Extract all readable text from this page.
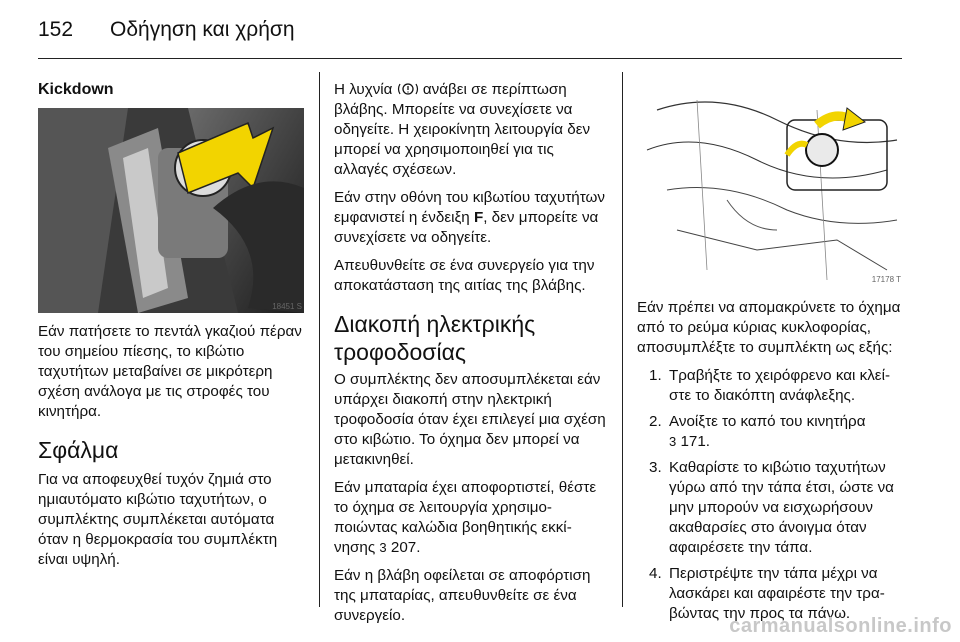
152 Οδήγηση και χρήση
Kickdown
18451 S

Εάν πατήσετε το πεντάλ γκαζιού πέραν του σημείου πίεσης, το κιβώτιο ταχυτήτων μεταβαίνει σε μικρότερη σχέση ανάλογα με τις στροφές του κινητήρα.

Σφάλμα

Για να αποφευχθεί τυχόν ζημιά στο ημιαυτόματο κιβώτιο ταχυτήτων, ο συμπλέκτης συμπλέκεται αυτόματα όταν η θερμοκρασία του συμπλέκτη είναι υψηλή.

Η λυχνία  ανάβει σε περίπτωση βλάβης. Μπορείτε να συνεχίσετε να οδηγείτε. Η χειροκίνητη λειτουργία δεν μπορεί να χρησιμοποιηθεί για τις αλλαγές σχέσεων.

Εάν στην οθόνη του κιβωτίου ταχυτήτων εμφανιστεί η ένδειξη F, δεν μπορείτε να συνεχίσετε να οδηγείτε.

Απευθυνθείτε σε ένα συνεργείο για την αποκατάσταση της αιτίας της βλάβης.

Διακοπή ηλεκτρικής τροφοδοσίας

Ο συμπλέκτης δεν αποσυμπλέκεται εάν υπάρχει διακοπή στην ηλεκτρική τροφοδοσία όταν έχει επιλεγεί μια σχέση στο κιβώτιο. Το όχημα δεν μπορεί να μετακινηθεί.

Εάν μπαταρία έχει αποφορτιστεί, θέστε το όχημα σε λειτουργία χρησιμοποιώντας καλώδια βοηθητικής εκκίνησης 3 207.

Εάν η βλάβη οφείλεται σε αποφόρτιση της μπαταρίας, απευθυνθείτε σε ένα συνεργείο.

17178 T

Εάν πρέπει να απομακρύνετε το όχημα από το ρεύμα κύριας κυκλοφορίας, αποσυμπλέξτε το συμπλέκτη ως εξής:

1. Τραβήξτε το χειρόφρενο και κλείστε το διακόπτη ανάφλεξης.
2. Ανοίξτε το καπό του κινητήρα
3 171.
3. Καθαρίστε το κιβώτιο ταχυτήτων γύρω από την τάπα έτσι, ώστε να μην μπορούν να εισχωρήσουν ακαθαρσίες στο άνοιγμα όταν αφαιρέσετε την τάπα.
4. Περιστρέψτε την τάπα μέχρι να λασκάρει και αφαιρέστε την τραβώντας την προς τα πάνω.
carmanualsonline.info
